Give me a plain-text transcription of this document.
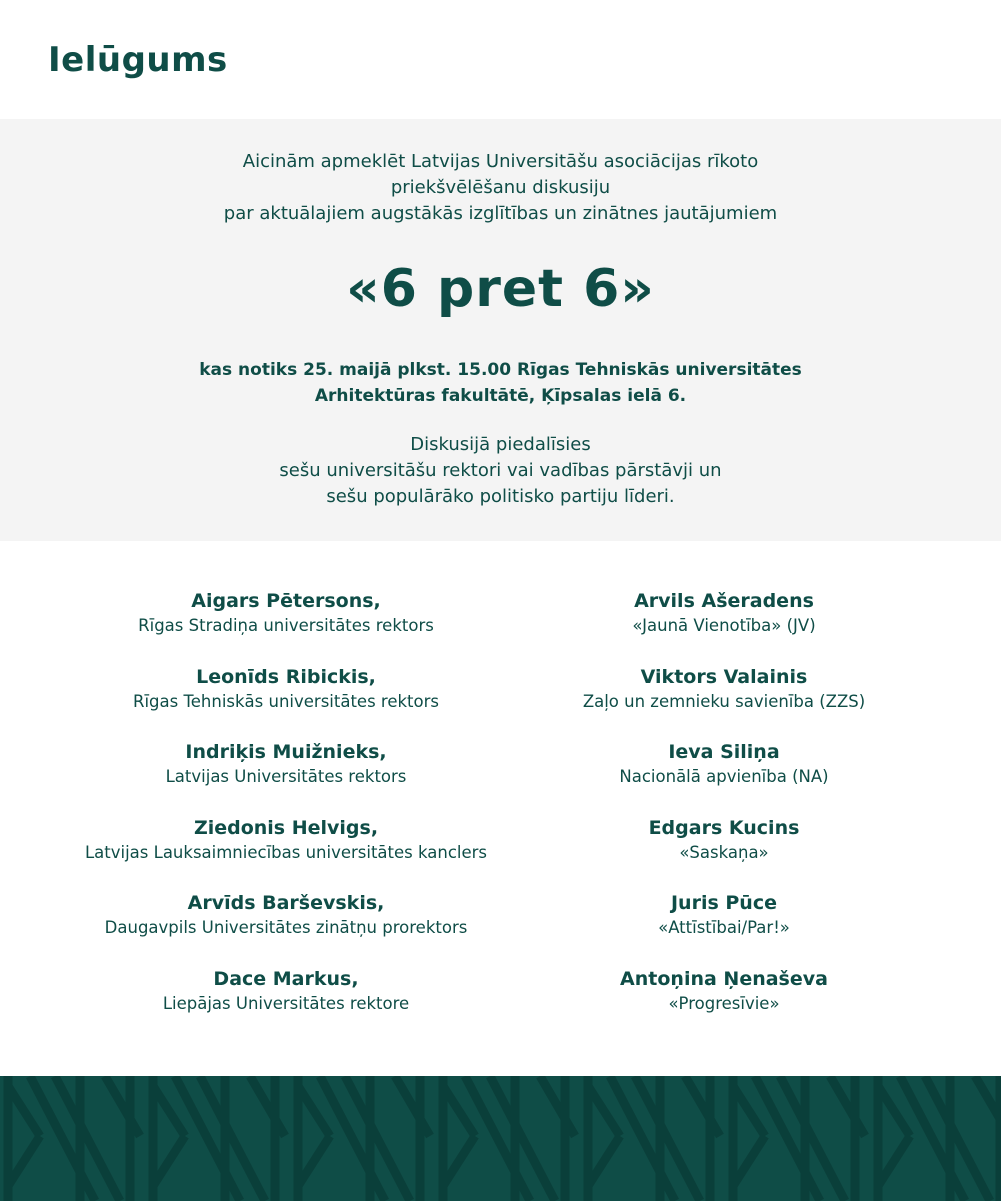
Ielūgums
Aicinām apmeklēt Latvijas Universitāšu asociācijas rīkoto
priekšvēlēšanu diskusiju
par aktuālajiem augstākās izglītības un zinātnes jautājumiem
«6 pret 6»
kas notiks 25. maijā plkst. 15.00 Rīgas Tehniskās universitātes
Arhitektūras fakultātē, Ķīpsalas ielā 6.
Diskusijā piedalīsies
sešu universitāšu rektori vai vadības pārstāvji un
sešu populārāko politisko partiju līderi.
Aigars Pētersons,
Rīgas Stradiņa universitātes rektors
Leonīds Ribickis,
Rīgas Tehniskās universitātes rektors
Indriķis Muižnieks,
Latvijas Universitātes rektors
Ziedonis Helvigs,
Latvijas Lauksaimniecības universitātes kanclers
Arvīds Barševskis,
Daugavpils Universitātes zinātņu prorektors
Dace Markus,
Liepājas Universitātes rektore
Arvils Ašeradens
«Jaunā Vienotība» (JV)
Viktors Valainis
Zaļo un zemnieku savienība (ZZS)
Ieva Siliņa
Nacionālā apvienība (NA)
Edgars Kucins
«Saskaņa»
Juris Pūce
«Attīstībai/Par!»
Antoņina Ņenaševa
«Progresīvie»
